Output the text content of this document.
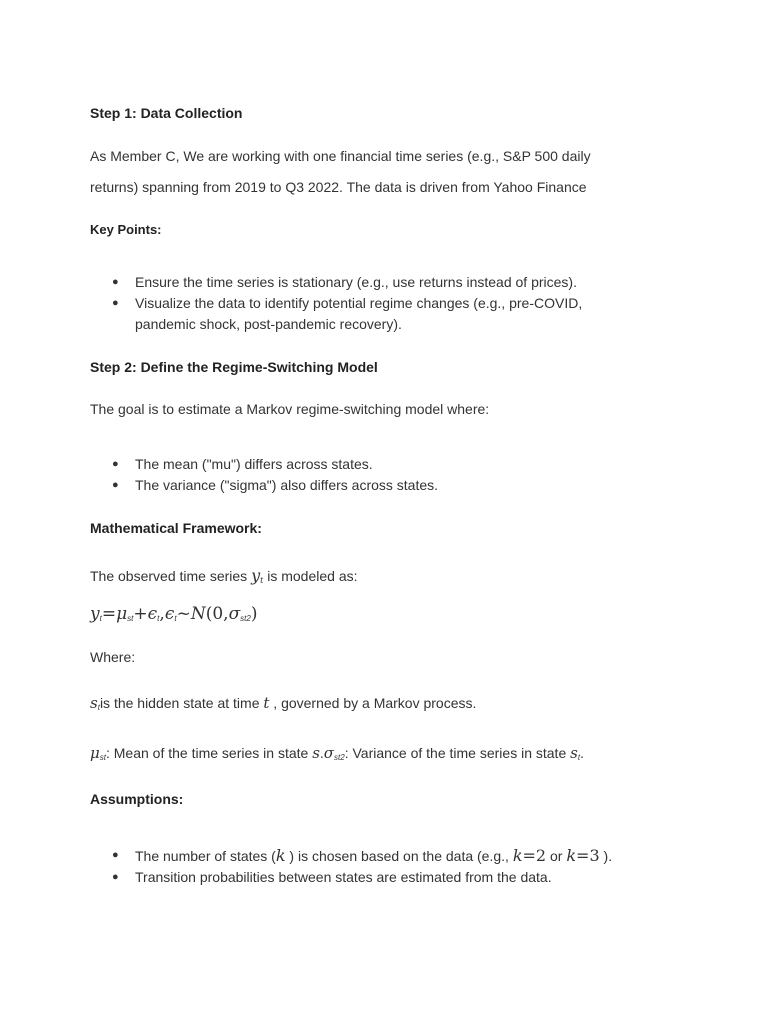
Step 1: Data Collection
As Member C, We are working with one financial time series (e.g., S&P 500 daily
returns) spanning from 2019 to Q3 2022. The data is driven from Yahoo Finance
Key Points:
● Ensure the time series is stationary (e.g., use returns instead of prices).
● Visualize the data to identify potential regime changes (e.g., pre-COVID,
pandemic shock, post-pandemic recovery).
Step 2: Define the Regime-Switching Model
The goal is to estimate a Markov regime-switching model where:
● The mean ("mu") differs across states.
● The variance ("sigma") also differs across states.
Mathematical Framework:
The observed time series $y_t$ is modeled as:
$y_t=\mu_{st}+\epsilon_t,\epsilon_t\sim N(0,\sigma_{st2})$
Where:
$s_tis$ the hidden state at time t , governed by a Markov process.
$\mu_{st}$: Mean of the time series in state $s.\sigma_{st2}$: Variance of the time series in state $s_t$.
Assumptions:
● The number of states (k ) is chosen based on the data (e.g., k=2 or k=3 ).
● Transition probabilities between states are estimated from the data.
